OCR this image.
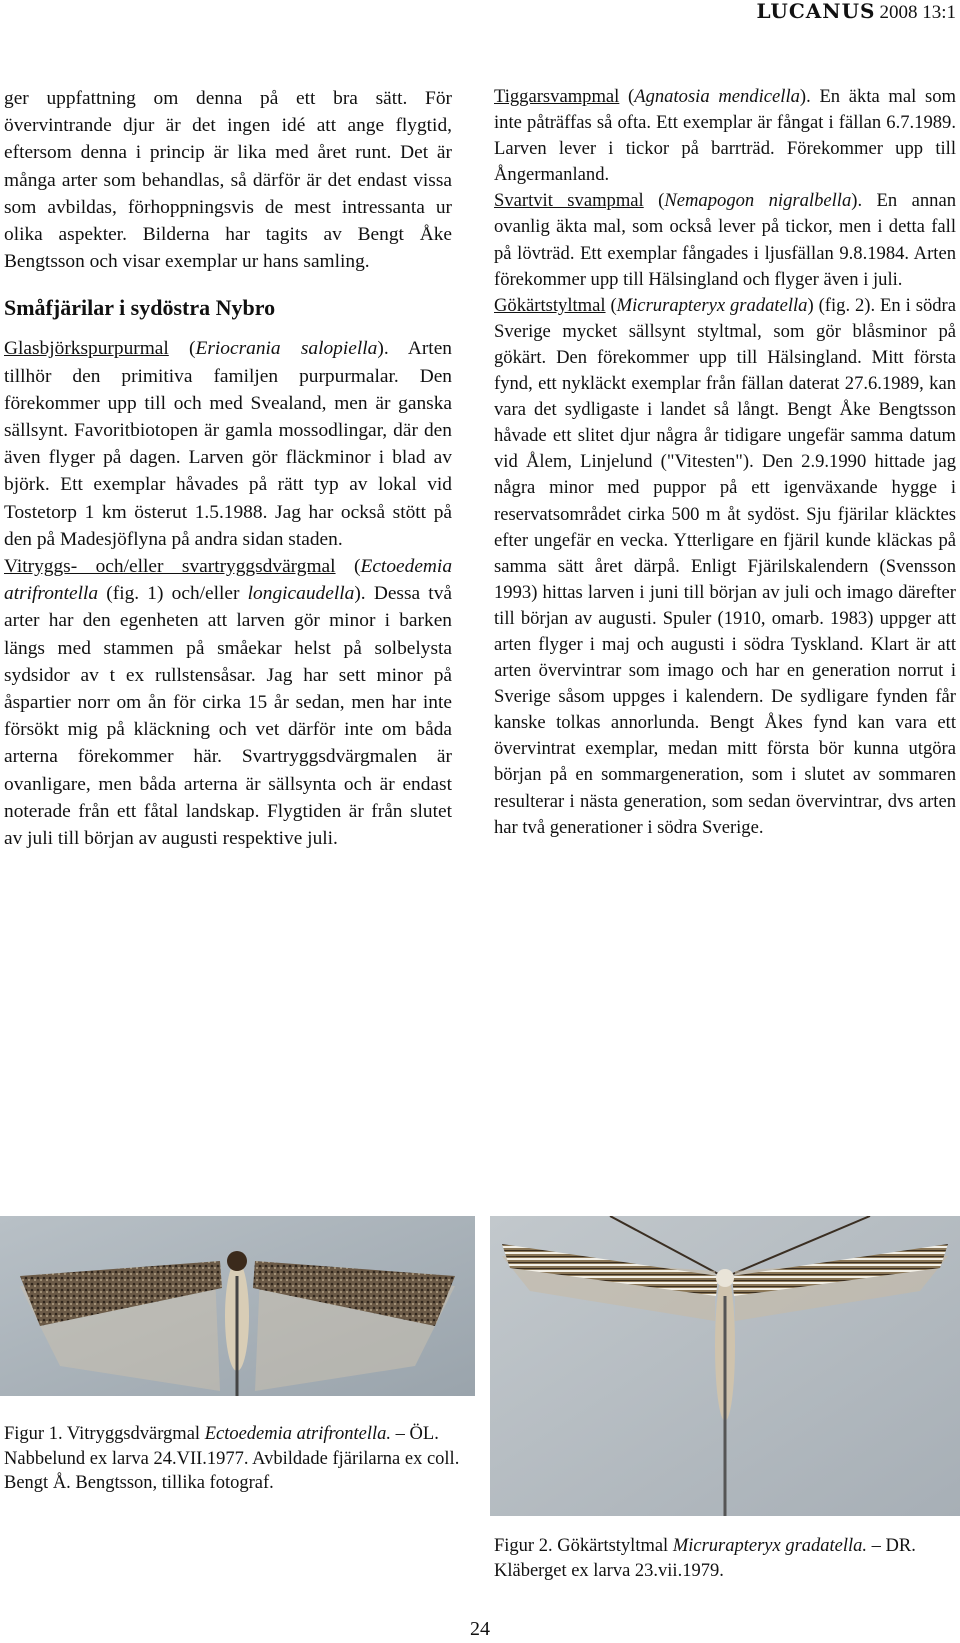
LUCANUS 2008 13:1

ger uppfattning om denna på ett bra sätt. För övervintrande djur är det ingen idé att ange flygtid, eftersom denna i princip är lika med året runt. Det är många arter som behandlas, så därför är det endast vissa som avbildas, förhoppningsvis de mest intressanta ur olika aspekter. Bilderna har tagits av Bengt Åke Bengtsson och visar exemplar ur hans samling.

Småfjärilar i sydöstra Nybro

Glasbjörkspurpurmal (Eriocrania salopiella). Arten tillhör den primitiva familjen purpurmalar. Den förekommer upp till och med Svealand, men är ganska sällsynt. Favoritbiotopen är gamla mossodlingar, där den även flyger på dagen. Larven gör fläckminor i blad av björk. Ett exemplar håvades på rätt typ av lokal vid Tostetorp 1 km österut 1.5.1988. Jag har också stött på den på Madesjöflyna på andra sidan staden.

Vitryggs- och/eller svartryggsdvärgmal (Ectoedemia atrifrontella (fig. 1) och/eller longicaudella). Dessa två arter har den egenheten att larven gör minor i barken längs med stammen på småekar helst på solbelysta sydsidor av t ex rullstensåsar. Jag har sett minor på åspartier norr om ån för cirka 15 år sedan, men har inte försökt mig på kläckning och vet därför inte om båda arterna förekommer här. Svartryggsdvärgmalen är ovanligare, men båda arterna är sällsynta och är endast noterade från ett fåtal landskap. Flygtiden är från slutet av juli till början av augusti respektive juli.

Tiggarsvampmal (Agnatosia mendicella). En äkta mal som inte påträffas så ofta. Ett exemplar är fångat i fällan 6.7.1989. Larven lever i tickor på barrträd. Förekommer upp till Ångermanland.

Svartvit svampmal (Nemapogon nigralbella). En annan ovanlig äkta mal, som också lever på tickor, men i detta fall på lövträd. Ett exemplar fångades i ljusfällan 9.8.1984. Arten förekommer upp till Hälsingland och flyger även i juli.

Gökärtstyltmal (Micrurapteryx gradatella) (fig. 2). En i södra Sverige mycket sällsynt styltmal, som gör blåsminor på gökärt. Den förekommer upp till Hälsingland. Mitt första fynd, ett nykläckt exemplar från fällan daterat 27.6.1989, kan vara det sydligaste i landet så långt. Bengt Åke Bengtsson håvade ett slitet djur några år tidigare ungefär samma datum vid Ålem, Linjelund ("Vitesten"). Den 2.9.1990 hittade jag några minor med puppor på ett igenväxande hygge i reservatsområdet cirka 500 m åt sydöst. Sju fjärilar kläcktes efter ungefär en vecka. Ytterligare en fjäril kunde kläckas på samma sätt året därpå. Enligt Fjärilskalendern (Svensson 1993) hittas larven i juni till början av juli och imago därefter till början av augusti. Spuler (1910, omarb. 1983) uppger att arten flyger i maj och augusti i södra Tyskland. Klart är att arten övervintrar som imago och har en generation norrut i Sverige såsom uppges i kalendern. De sydligare fynden får kanske tolkas annorlunda. Bengt Åkes fynd kan vara ett övervintrat exemplar, medan mitt första bör kunna utgöra början på en sommargeneration, som i slutet av sommaren resulterar i nästa generation, som sedan övervintrar, dvs arten har två generationer i södra Sverige.

Figur 1. Vitryggsdvärgmal Ectoedemia atrifrontella. – ÖL. Nabbelund ex larva 24.VII.1977. Avbildade fjärilarna ex coll. Bengt Å. Bengtsson, tillika fotograf.
Figur 2. Gökärtstyltmal Micrurapteryx gradatella. – DR. Kläberget ex larva 23.vii.1979.
24
